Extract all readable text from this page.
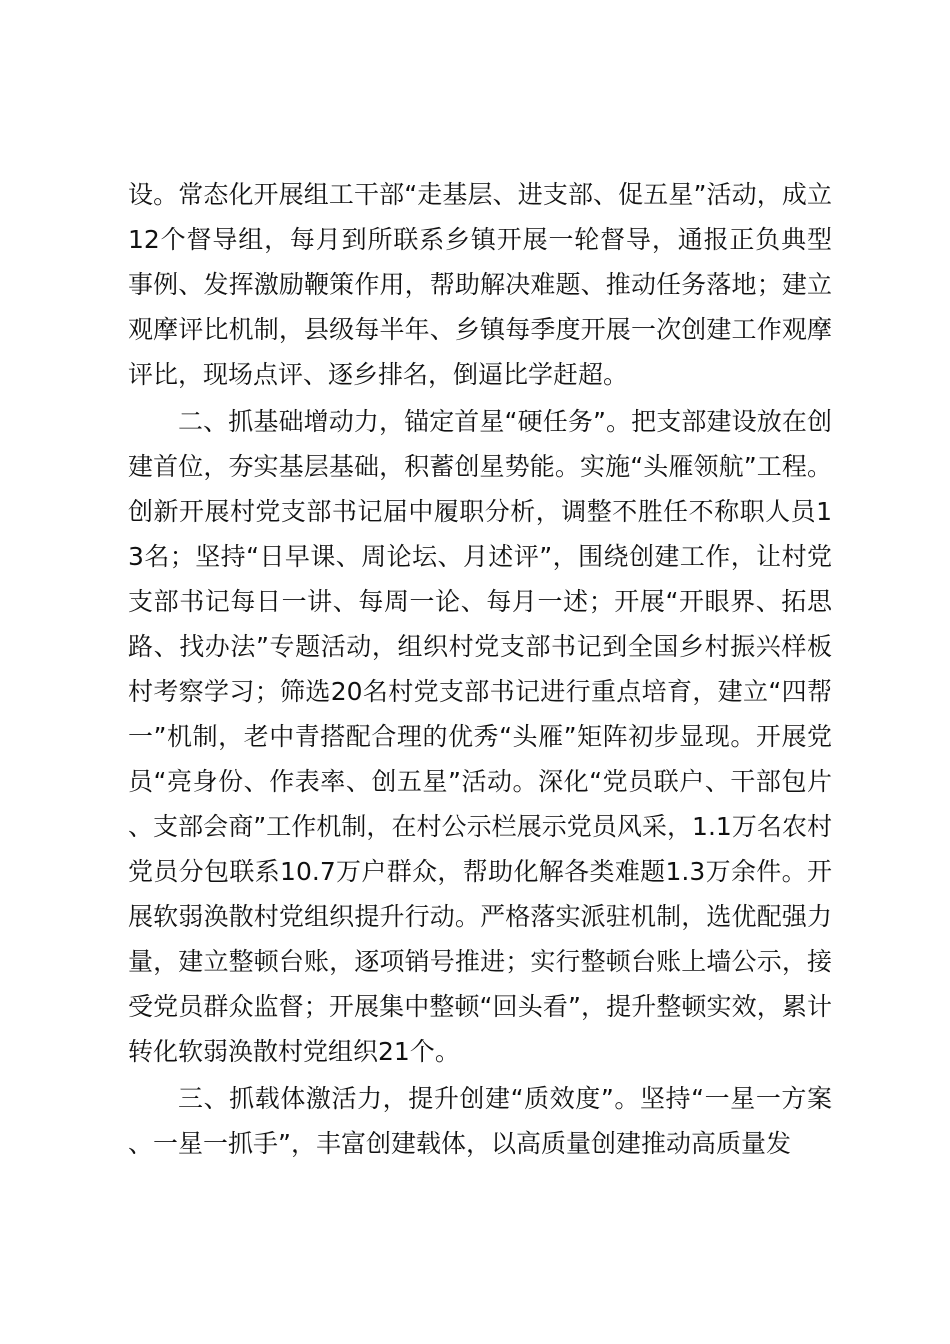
设。常态化开展组工干部“走基层、进支部、促五星”活动，成立12个督导组，每月到所联系乡镇开展一轮督导，通报正负典型事例、发挥激励鞭策作用，帮助解决难题、推动任务落地；建立观摩评比机制，县级每半年、乡镇每季度开展一次创建工作观摩评比，现场点评、逐乡排名，倒逼比学赶超。

二、抓基础增动力，锚定首星“硬任务”。把支部建设放在创建首位，夯实基层基础，积蓄创星势能。实施“头雁领航”工程。创新开展村党支部书记届中履职分析，调整不胜任不称职人员13名；坚持“日早课、周论坛、月述评”，围绕创建工作，让村党支部书记每日一讲、每周一论、每月一述；开展“开眼界、拓思路、找办法”专题活动，组织村党支部书记到全国乡村振兴样板村考察学习；筛选20名村党支部书记进行重点培育，建立“四帮一”机制，老中青搭配合理的优秀“头雁”矩阵初步显现。开展党员“亮身份、作表率、创五星”活动。深化“党员联户、干部包片、支部会商”工作机制，在村公示栏展示党员风采，1.1万名农村党员分包联系10.7万户群众，帮助化解各类难题1.3万余件。开展软弱涣散村党组织提升行动。严格落实派驻机制，选优配强力量，建立整顿台账，逐项销号推进；实行整顿台账上墙公示，接受党员群众监督；开展集中整顿“回头看”，提升整顿实效，累计转化软弱涣散村党组织21个。

三、抓载体激活力，提升创建“质效度”。坚持“一星一方案、一星一抓手”，丰富创建载体，以高质量创建推动高质量发
